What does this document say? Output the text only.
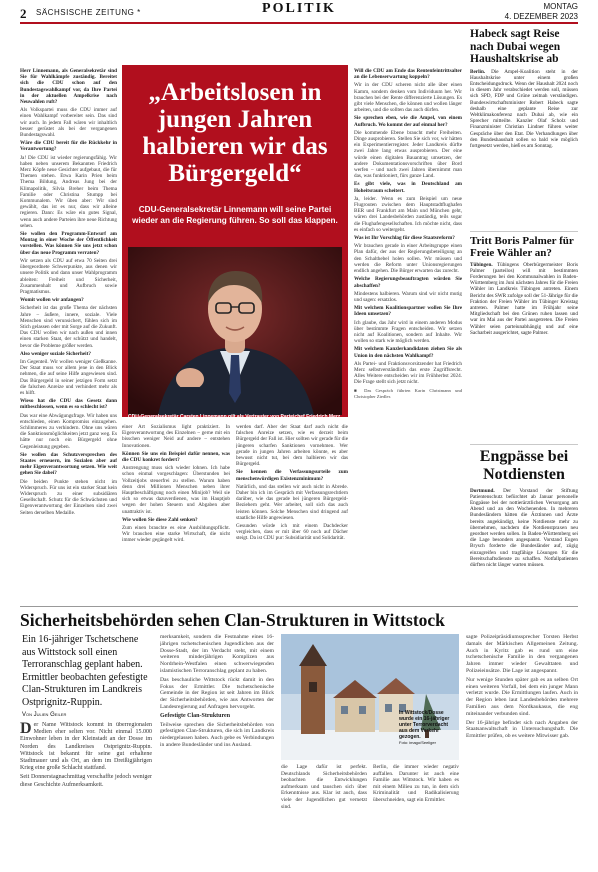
2 SÄCHSISCHE ZEITUNG *	POLITIK	MONTAG
4. DEZEMBER 2023

Herr Linnemann, als Generalsekretär sind Sie für Wahlkämpfe zuständig. Bereitet sich die CDU schon auf den Bundestagswahlkampf vor, da Ihre Partei in der aktuellen Ampelkrise nach Neuwahlen ruft?

Als Volkspartei muss die CDU immer auf einen Wahlkampf vorbereitet sein. Das sind wir auch. In jedem Fall wären wir inhaltlich besser gerüstet als bei der vergangenen Bundestagswahl.

Wäre die CDU bereit für die Rückkehr in Verantwortung?

Ja! Die CDU ist wieder regierungsfähig. Wir haben neben unserem Bekannten Friedrich Merz Köpfe neue Gesichter aufgebaut, die für Themen stehen. Etwa Karin Prien beim Thema Bildung, Andreas Jung bei der Klimapolitik, Silvia Breher beim Thema Familie oder Christina Stumpp bei Kommunalem. Wir üben aber: Wir sind gewählt, das ist es nur, dass wir alleine regieren. Dann: Es wäre ein gutes Signal, wenn auch andere Parteien ihre neue Richtung sehen.

Sie wollen den Programm-Entwurf am Montag in einer Woche der Öffentlichkeit vorstellen. Was können Sie uns jetzt schon über das neue Programm verraten?

Wir setzen als CDU auf etwa 70 Seiten drei übergeordnete Schwerpunkte, aus denen wir unsere Politik und dann unser Wahlprogramm ableiten: Freiheit und Sicherheit, Zusammenhalt und Aufbruch sowie Pragmatismus.

Womit wollen wir anfangen?

Sicherheit ist das große Thema der nächsten Jahre – äußere, innere, soziale. Viele Menschen sind verunsichert, fühlen sich im Stich gelassen oder mit Sorge auf die Zukunft. Das CDU wollen wir nach außen und innen einen starken Staat, der schützt und handelt, bevor die Probleme größer werden.

Also weniger soziale Sicherheit?

Im Gegenteil. Wir wollen weniger Gießkanne. Der Staat muss vor allem jene in den Blick nehmen, die auf seine Hilfe angewiesen sind. Das Bürgergeld in seiner jetzigen Form setzt die falschen Anreize und verhindert mehr als es hilft.

Wieso hat die CDU das Gesetz dann mitbeschlossen, wenn es so schlecht ist?

Das war eine Abwägungsfrage. Wir haben uns entschieden, einen Kompromiss einzugehen. Schlimmeres zu verhindern. Ohne uns wären die Sanktionsmöglichkeiten jetzt ganz weg. Es hätte nur noch ein Bürgergeld ohne Gegenleistung gegeben.

Sie wollen das Schutzversprechen des Staates erneuern, im Sozialen aber auf mehr Eigenverantwortung setzen. Wie weit gehen Sie dabei?

Die beiden Punkte stehen nicht im Widerspruch. Für uns ist ein starker Staat kein Widerspruch zu einer subsidiären Gesellschaft. Schutz für die Schwächsten und Eigenverantwortung der Einzelnen sind zwei Seiten derselben Medaille.

„Arbeitslosen in jungen Jahren halbieren wir das Bürgergeld“
CDU-Generalsekretär Linnemann will seine Partei wieder an die Regierung führen. So soll das klappen.
CDU-Generalsekretär Carsten Linnemann gilt als Vertrauter von Parteichef Friedrich Merz.
Foto: dpa

einer Art Sozialismus light praktiziert. In Eigenverantwortung des Einzelnen – gerne mit ein bisschen weniger Neid auf andere – entstehen Innovationen.

Können Sie uns ein Beispiel dafür nennen, was die CDU konkret fordert?

Anstrengung muss sich wieder lohnen. Ich habe schon einmal vorgeschlagen: Überstunden bei Vollzeitjobs steuerfrei zu stellen. Warum haben denn drei Millionen Menschen neben ihrer Hauptbeschäftigung noch einen Minijob? Weil sie sich so etwas dazuverdienen, was im Hauptjob wegen der hohen Steuern und Abgaben aber unattraktiv ist.

Wie wollen Sie diese Zahl senken?

Zum einen brauchte es eine Ausbildungspflicht. Wir brauchen eine starke Wirtschaft, die nicht immer wieder gegängelt wird.

werden darf. Aber der Staat darf auch nicht die falschen Anreize setzen, wie es derzeit beim Bürgergeld der Fall ist. Hier sollten wir gerade für die jüngeren scharfen Sanktionen vornehmen. Wer gerade in jungen Jahren arbeiten könnte, es aber bewusst nicht tut, bei dem halbieren wir das Bürgergeld.

Sie kennen die Verfassungsurteile zum menschenwürdigen Existenzminimum?

Natürlich, und das stellen wir auch nicht in Abrede. Daher bin ich im Gespräch mit Verfassungsrechtlern darüber, wie das gerade bei jüngeren Bürgergeld-Beziehern geht. Wer arbeitet, soll sich das auch leisten können. Solche Menschen sind dringend auf staatliche Hilfe angewiesen.

Gesunden würde ich mit einem Dachdecker vergleichen, dass er mit über 60 noch auf Dächer steigt. Da ist CDU pur: Subsidiarität und Solidarität.

Will die CDU am Ende das Rentenfeintrittsalter an die Lebenserwartung koppeln?

Wir in der CDU scheren nicht alle über einen Kamm, sondern denken vom Individuum her. Wir brauchen bei der Rente differenzierte Lösungen. Es gibt viele Menschen, die können und wollen länger arbeiten, und die sollten das auch dürfen.

Sie sprechen eben, wie die Ampel, von einem Aufbruch. Wo kommt der auf einmal her?

Die kommende Ebene braucht mehr Freiheiten. Dinge ausprobieren. Stellen Sie sich vor, wir hätten ein Experimentierregister. Jeder Landkreis dürfte zwei Jahre lang etwas ausprobieren. Der eine würde einen digitalen Bauantrag umsetzen, der andere Dokumentationsvorschriften über Bord werfen – und nach zwei Jahren übernimmt man das, was funktioniert, fürs ganze Land.

Es gibt viele, was in Deutschland am Hoheitsraum scheitert.

Ja, leider. Wenn es zum Beispiel um neue Flugrouten zwischen dem Hauptstadtflughafen BER und Frankfurt am Main und München geht, wären drei Landesbehörden zuständig, teils sogar die Flughafengesellschaften. Ich möchte nicht, dass es einfach so weitergeht.

Was ist Ihr Vorschlag für diese Staatsreform?

Wir brauchen gerade in einer Arbeitsgruppe einen Plan dafür, der aus der Regierungsbeteiligung an den Schalthebel holen sollen. Wir müssen und werden die Reform unter Unionsregierungen endlich angehen. Die Bürger erwarten das zurecht.

Welche Regierungsbeauftragten würden Sie abschaffen?

Mindestens halbieren. Warum sind wir nicht mutig und sagen: ersatzlos.

Mit welchem Koalitionspartner wollen Sie Ihre Ideen umsetzen?

Ich glaube, das Jahr wird in einem anderen Modus über bestimmte Fragen entscheiden. Wir setzen nicht auf Koalitionen, sondern auf Inhalte. Wir wollen so stark wie möglich werden.

Mit welchem Kanzlerkandidaten ziehen Sie als Union in den nächsten Wahlkampf?

Als Partei- und Fraktionsvorsitzender hat Friedrich Merz selbstverständlich das erste Zugriffsrecht. Alles Weitere entscheiden wir im Frühherbst 2024. Die Frage stellt sich jetzt nicht.

■ Das Gespräch führten Karin Christmann und Christopher Ziedler.

Habeck sagt Reise nach Dubai wegen Haushaltskrise ab

Berlin. Die Ampel-Koalition steht in der Haushaltskrise unter einem großen Entscheidungsdruck. Wenn der Haushalt 2024 noch in diesem Jahr verabschiedet werden soll, müssen sich SPD, FDP und Grüne zeitnah verständigen. Bundeswirtschaftsminister Robert Habeck sagte deshalb eine geplante Reise zur Weltklimakonferenz nach Dubai ab, wie ein Sprecher mitteilte. Kanzler Olaf Scholz und Finanzminister Christian Lindner führen weiter Gespräche über den Etat. Die Verhandlungen über den Bundeshaushalt sollen so bald wie möglich fortgesetzt werden, hieß es am Sonntag.

Tritt Boris Palmer für Freie Wähler an?

Tübingen. Tübingens Oberbürgermeister Boris Palmer (parteilos) will mit bestimmten Forderungen bei den Kommunalwahlen in Baden-Württemberg im Juni nächsten Jahres für die Freien Wähler im Landkreis Tübingen antreten. Einem Bericht des SWR zufolge soll der 51-Jährige für die Fraktion der Freien Wähler im Tübinger Kreistag antreten. Palmer hatte im Frühjahr seine Mitgliedschaft bei den Grünen ruhen lassen und war im Mai aus der Partei ausgetreten. Die Freien Wähler seien parteiunabhängig und auf eine Sacharbeit ausgerichtet, sagte Palmer.

Engpässe bei Notdiensten

Dortmund. Der Vorstand der Stiftung Patientenschutz befürchtet ab Januar personelle Engpässe bei der nottierärztlichen Versorgung am Abend und an den Wochenenden. In mehreren Bundesländern hätten die Ärztinnen und Ärzte bereits angekündigt, keine Notdienste mehr zu übernehmen, nachdem die Notdienstpraxen neu geordnet werden sollen. In Baden-Württemberg sei die Lage besonders angespannt. Vorstand Eugen Brysch forderte die Bundesländer auf, zügig einzugreifen und tragfähige Lösungen für die Bereitschaftsdienste zu schaffen. Notfallpatienten dürften nicht länger warten müssen.

Sicherheitsbehörden sehen Clan-Strukturen in Wittstock
Ein 16-jähriger Tschetschene aus Wittstock soll einen Terroranschlag geplant haben. Ermittler beobachten gefestigte Clan-Strukturen im Landkreis Ostprignitz-Ruppin.
Von Julien Geiler

Der Name Wittstock kommt in überregionalen Medien eher selten vor. Nicht einmal 15.000 Einwohner leben in der Kleinstadt an der Dosse im Norden des Landkreises Ostprignitz-Ruppin. Wittstock ist bekannt für seine gut erhaltene Stadtmauer und als Ort, an dem im Dreißigjährigen Krieg eine große Schlacht stattfand.

Seit Donnerstagnachmittag verschaffte jedoch weniger diese Geschichte Aufmerksamkeit.

merksamkeit, sondern die Festnahme eines 16-jährigen tschetschenischen Jugendlichen aus der Dosse-Stadt, der im Verdacht steht, mit einem weiteren minderjährigen Komplizen aus Nordrhein-Westfalen einen schwerwiegenden islamistischen Terroranschlag geplant zu haben.

Das beschauliche Wittstock rückt damit in den Fokus der Ermittler. Die tschetschenische Gemeinde in der Region ist seit Jahren im Blick der Sicherheitsbehörden, wie aus Antworten der Landesregierung auf Anfragen hervorgeht.

Gefestigte Clan-Strukturen

Teilweise sprechen die Sicherheitsbehörden von gefestigten Clan-Strukturen, die sich im Landkreis niedergelassen haben. Auch gebe es Verbindungen in andere Bundesländer und ins Ausland.

In Wittstock/Dosse wurde ein 16-jähriger unter Terrorverdacht aus dem Verkehr gezogen.
Foto: imago/Seeliger

die Lage dafür ist perfekt. Deutschlands Sicherheitsbehörden beobachten die Entwicklungen aufmerksam und tauschen sich über Erkenntnisse aus. Klar ist auch, dass viele der Jugendlichen gut vernetzt sind.

Berlin, die immer wieder negativ auffallen. Darunter ist auch eine Familie aus Wittstock. Wir haben es mit einem Milieu zu tun, in dem sich Kriminalität und Radikalisierung überschneiden, sagt ein Ermittler.

sagte Polizeipräsidiumssprecher Torsten Herbst damals der Märkischen Allgemeinen Zeitung. Auch in Kyritz gab es rund um eine tschetschenische Familie in den vergangenen Jahren immer wieder Gewalttaten und Polizeieinsätze. Die Lage ist angespannt.

Nur wenige Stunden später gab es an selben Ort einen weiteren Vorfall, bei dem ein junger Mann verletzt wurde. Die Ermittlungen laufen. Auch in der Region leben laut Landesbehörden mehrere Familien aus dem Nordkaukasus, die eng miteinander verbunden sind.

Der 16-jährige befindet sich nach Angaben der Staatsanwaltschaft in Untersuchungshaft. Die Ermittler prüfen, ob es weitere Mitwisser gab.
